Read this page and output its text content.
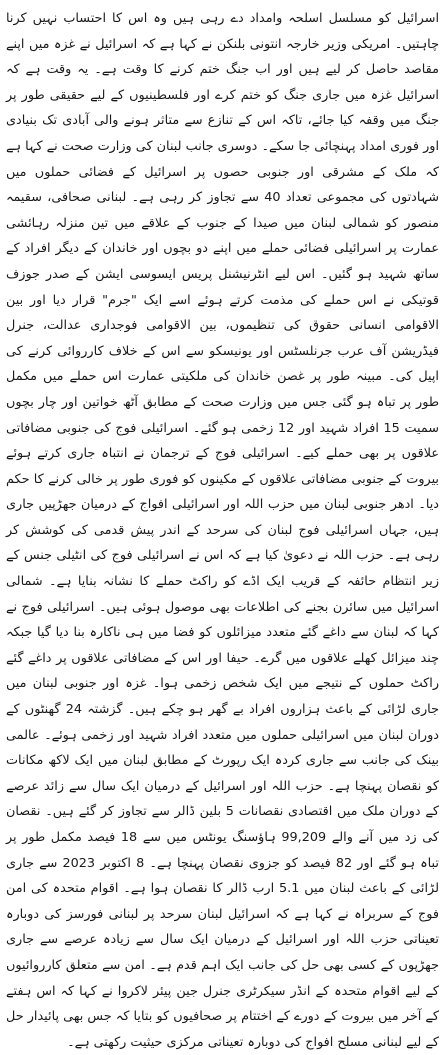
اسرائیل کو مسلسل اسلحہ وامداد دے رہی ہیں وہ اس کا احتساب نہیں کرنا چاہتیں۔ امریکی وزیر خارجہ انتونی بلنکن نے کہا ہے کہ اسرائیل نے غزہ میں اپنے مقاصد حاصل کر لیے ہیں اور اب جنگ ختم کرنے کا وقت ہے۔ یہ وقت ہے کہ اسرائیل غزہ میں جاری جنگ کو ختم کرے اور فلسطینیوں کے لیے حقیقی طور پر جنگ میں وقفہ کیا جائے، تاکہ اس کے تنازع سے متاثر ہونے والی آبادی تک بنیادی اور فوری امداد پہنچائی جا سکے۔ دوسری جانب لبنان کی وزارت صحت نے کہا ہے کہ ملک کے مشرقی اور جنوبی حصوں پر اسرائیل کے فضائی حملوں میں شہادتوں کی مجموعی تعداد 40 سے تجاوز کر رہی ہے۔ لبنانی صحافی، سقیمہ منصور کو شمالی لبنان میں صیدا کے جنوب کے علاقے میں تین منزلہ رہائشی عمارت پر اسرائیلی فضائی حملے میں اپنے دو بچوں اور خاندان کے دیگر افراد کے ساتھ شہید ہو گئیں۔ اس لیے انٹرنیشنل پریس ایسوسی ایشن کے صدر جوزف قوتیکی نے اس حملے کی مذمت کرتے ہوئے اسے ایک "جرم" قرار دیا اور بین الاقوامی انسانی حقوق کی تنظیموں، بین الاقوامی فوجداری عدالت، جنرل فیڈریشن آف عرب جرنلسٹس اور یونیسکو سے اس کے خلاف کارروائی کرنے کی اپیل کی۔ مبینہ طور پر غصن خاندان کی ملکیتی عمارت اس حملے میں مکمل طور پر تباہ ہو گئی جس میں وزارت صحت کے مطابق آٹھ خواتین اور چار بچوں سمیت 15 افراد شہید اور 12 زخمی ہو گئے۔ اسرائیلی فوج کی جنوبی مضافاتی علاقوں پر بھی حملے کیے۔ اسرائیلی فوج کے ترجمان نے انتباہ جاری کرتے ہوئے بیروت کے جنوبی مضافاتی علاقوں کے مکینوں کو فوری طور پر خالی کرنے کا حکم دیا۔ ادھر جنوبی لبنان میں حزب اللہ اور اسرائیلی افواج کے درمیان جھڑپیں جاری ہیں، جہاں اسرائیلی فوج لبنان کی سرحد کے اندر پیش قدمی کی کوشش کر رہی ہے۔ حزب اللہ نے دعویٰ کیا ہے کہ اس نے اسرائیلی فوج کی انٹیلی جنس کے زیر انتظام حائفہ کے قریب ایک اڈے کو راکٹ حملے کا نشانہ بنایا ہے۔ شمالی اسرائیل میں سائرن بجنے کی اطلاعات بھی موصول ہوئی ہیں۔ اسرائیلی فوج نے کہا کہ لبنان سے داغے گئے متعدد میزائلوں کو فضا میں ہی ناکارہ بنا دیا گیا جبکہ چند میزائل کھلے علاقوں میں گرے۔ حیفا اور اس کے مضافاتی علاقوں پر داغے گئے راکٹ حملوں کے نتیجے میں ایک شخص زخمی ہوا۔ غزہ اور جنوبی لبنان میں جاری لڑائی کے باعث ہزاروں افراد بے گھر ہو چکے ہیں۔ گزشتہ 24 گھنٹوں کے دوران لبنان میں اسرائیلی حملوں میں متعدد افراد شہید اور زخمی ہوئے۔ عالمی بینک کی جانب سے جاری کردہ ایک رپورٹ کے مطابق لبنان میں ایک لاکھ مکانات کو نقصان پہنچا ہے۔ حزب اللہ اور اسرائیل کے درمیان ایک سال سے زائد عرصے کے دوران ملک میں اقتصادی نقصانات 5 بلین ڈالر سے تجاوز کر گئے ہیں۔ نقصان کی زد میں آنے والے 99,209 ہاؤسنگ یونٹس میں سے 18 فیصد مکمل طور پر تباہ ہو گئے اور 82 فیصد کو جزوی نقصان پہنچا ہے۔ 8 اکتوبر 2023 سے جاری لڑائی کے باعث لبنان میں 5.1 ارب ڈالر کا نقصان ہوا ہے۔ اقوام متحدہ کی امن فوج کے سربراہ نے کہا ہے کہ اسرائیل لبنان سرحد پر لبنانی فورسز کی دوبارہ تعیناتی حزب اللہ اور اسرائیل کے درمیان ایک سال سے زیادہ عرصے سے جاری جھڑپوں کے کسی بھی حل کی جانب ایک اہم قدم ہے۔ امن سے متعلق کارروائیوں کے لیے اقوام متحدہ کے انڈر سیکرٹری جنرل جین پیئر لاکروا نے کہا کہ اس ہفتے کے آخر میں بیروت کے دورے کے اختتام پر صحافیوں کو بتایا کہ جس بھی پائیدار حل کے لیے لبنانی مسلح افواج کی دوبارہ تعیناتی مرکزی حیثیت رکھتی ہے۔
